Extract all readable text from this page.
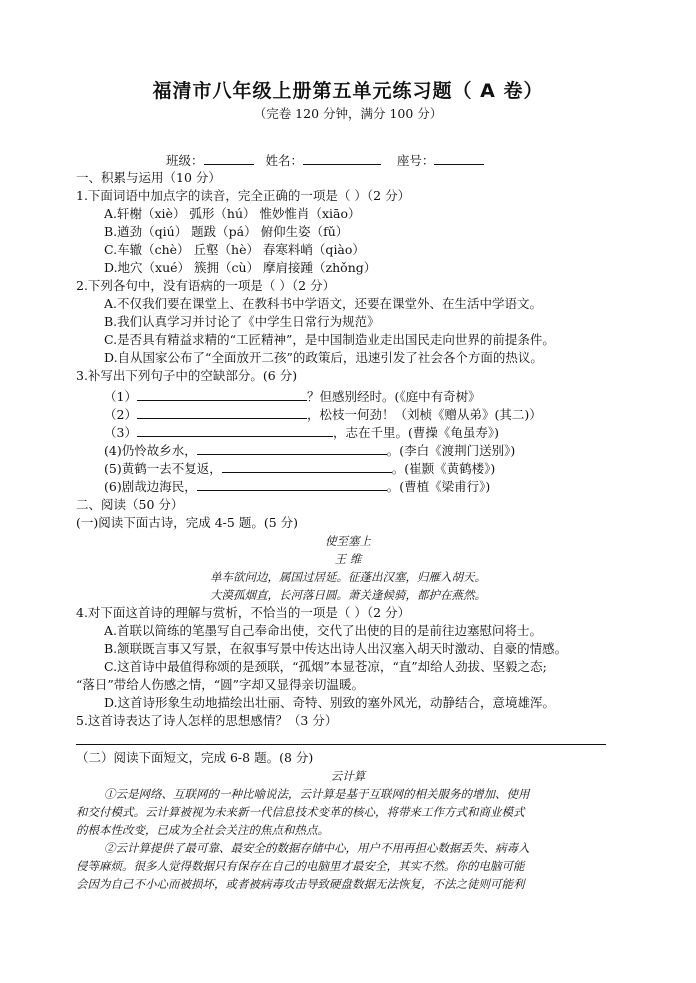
福清市八年级上册第五单元练习题（ A 卷）
（完卷 120 分钟，满分 100 分）
班级：	姓名：	座号：
一、积累与运用（10 分）
1.下面词语中加点字的读音，完全正确的一项是（ ）（2 分）
A.轩榭（xiè） 弧形（hú） 惟妙惟肖（xiāo）
B.遒劲（qiú） 题跋（pá） 俯仰生姿（fǔ）
C.车辙（chè） 丘壑（hè） 春寒料峭（qiào）
D.地穴（xué） 簇拥（cù） 摩肩接踵（zhǒng）
2.下列各句中，没有语病的一项是（ ）（2 分）
A.不仅我们要在课堂上、在教科书中学语文，还要在课堂外、在生活中学语文。
B.我们认真学习并讨论了《中学生日常行为规范》
C.是否具有精益求精的“工匠精神”，是中国制造业走出国民走向世界的前提条件。
D.自从国家公布了“全面放开二孩”的政策后，迅速引发了社会各个方面的热议。
3.补写出下列句子中的空缺部分。(6 分)
（1）	？但感别经时。(《庭中有奇树》
（2）	，松枝一何劲！（刘桢《赠从弟》(其二)）
（3）	，志在千里。(曹操《龟虽寿》)
(4)仍怜故乡水，	。(李白《渡荆门送别》)
(5)黄鹤一去不复返，	。(崔颢《黄鹤楼》)
(6)剧哉边海民，	。(曹植《梁甫行》)
二、阅读（50 分）
(一)阅读下面古诗，完成 4-5 题。(5 分)
使至塞上
王 维
单车欲问边，属国过居延。征蓬出汉塞，归雁入胡天。
大漠孤烟直，长河落日圆。萧关逢候骑，都护在燕然。
4.对下面这首诗的理解与赏析，不恰当的一项是（ ）（2 分）
A.首联以简练的笔墨写自己奉命出使，交代了出使的目的是前往边塞慰问将士。
B.颔联既言事又写景，在叙事写景中传达出诗人出汉塞入胡天时激动、自豪的情感。
C.这首诗中最值得称颂的是颈联，“孤烟”本显苍凉，“直”却给人劲拔、坚毅之态;
“落日”带给人伤感之情，“圆”字却又显得亲切温暖。
D.这首诗形象生动地描绘出壮丽、奇特、别致的塞外风光，动静结合，意境雄浑。
5.这首诗表达了诗人怎样的思想感情？（3 分）
（二）阅读下面短文，完成 6-8 题。(8 分)
云计算
①云是网络、互联网的一种比喻说法，云计算是基于互联网的相关服务的增加、使用
和交付模式。云计算被视为未来新一代信息技术变革的核心，将带来工作方式和商业模式
的根本性改变，已成为全社会关注的焦点和热点。
②云计算提供了最可靠、最安全的数据存储中心，用户不用再担心数据丢失、病毒入
侵等麻烦。很多人觉得数据只有保存在自己的电脑里才最安全，其实不然。你的电脑可能
会因为自己不小心而被损坏，或者被病毒攻击导致硬盘数据无法恢复，不法之徒则可能利
